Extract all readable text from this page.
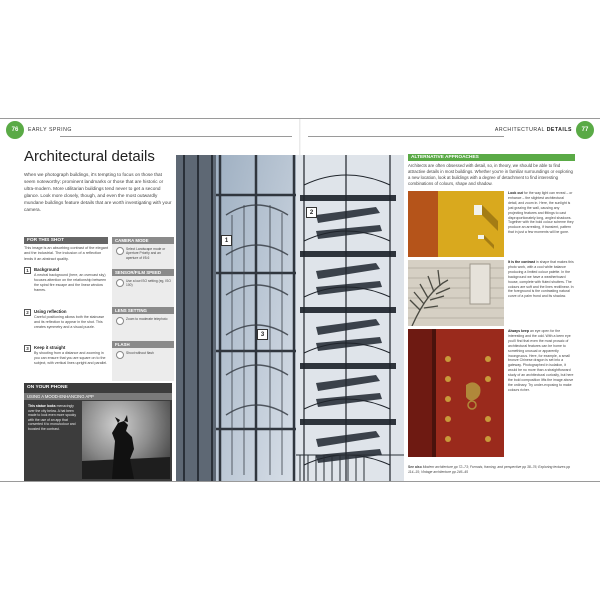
76	EARLY SPRING
Architectural details
When we photograph buildings, it's tempting to focus on those that seem noteworthy: prominent landmarks or those that are historic or ultra-modern. More utilitarian buildings tend never to get a second glance. Look more closely, though, and even the most outwardly mundane buildings feature details that are worth investigating with your camera.
FOR THIS SHOT
This image is an absorbing contrast of the elegant and the industrial. The inclusion of a reflection lends it an abstract quality.
1	Background
A neutral background (here, an overcast sky) focuses attention on the relationship between the spiral fire escape and the linear window frames.
2	Using reflection
Careful positioning allows both the staircase and its reflection to appear in the shot. This creates symmetry and a visual puzzle.
3	Keep it straight
By shooting from a distance and zooming in you can ensure that you are square on to the subject, with vertical lines upright and parallel.
CAMERA MODE
Select Landscape mode or Aperture Priority and an aperture of f/5.6
SENSOR/FILM SPEED
Use a low ISO setting (eg, ISO 100)
LENS SETTING
Zoom to moderate telephoto
FLASH
Shoot without flash
ON YOUR PHONE
USING A MOOD-ENHANCING APP
This statue looks menacingly over the city below. A hat been made to look even more spooky with the use of an app that converted it to mono/colour and boosted the contrast.
77
ARCHITECTURAL DETAILS
1
2
3
ALTERNATIVE APPROACHES
Architects are often obsessed with detail, so, in theory, we should be able to find attractive details in most buildings. Whether you're in familiar surroundings or exploring a new location, look at buildings with a degree of detachment to find interesting combinations of colours, shape and shadow.
Look out for the way light can reveal – or enhance – the slightest architectural detail, and zoom in. Here, the sunlight is just grazing the wall, causing any projecting features and fittings to cast disproportionately long, angled shadows. Together with the bold colour scheme they produce an arresting, if transient, pattern that in just a few moments will be gone.
It is the contrast in shape that makes this photo work, with a cool white balance producing a limited colour palette. In the background we have a weatherboard house, complete with fluted shutters. The colours are soft and the lines rectilinear. In the foreground is the contrasting natural curve of a palm frond and its shadow.
Always keep an eye open for the interesting and the odd. With a keen eye you'll find that even the most prosaic of architectural features can be home to something unusual or apparently incongruous. Here, for example, a small bronze Chinese dragon is set into a gateway. Photographed in isolation, it would be no more than a straightforward study of an architectural curiosity, but here the bold composition lifts the image above the ordinary. Try under-exposing to make colours richer.
See also Modern architecture pp 72–73; Formats, framing, and perspective pp 38–76; Exploring textures pp 114–15; Vintage architecture pp 246–45
